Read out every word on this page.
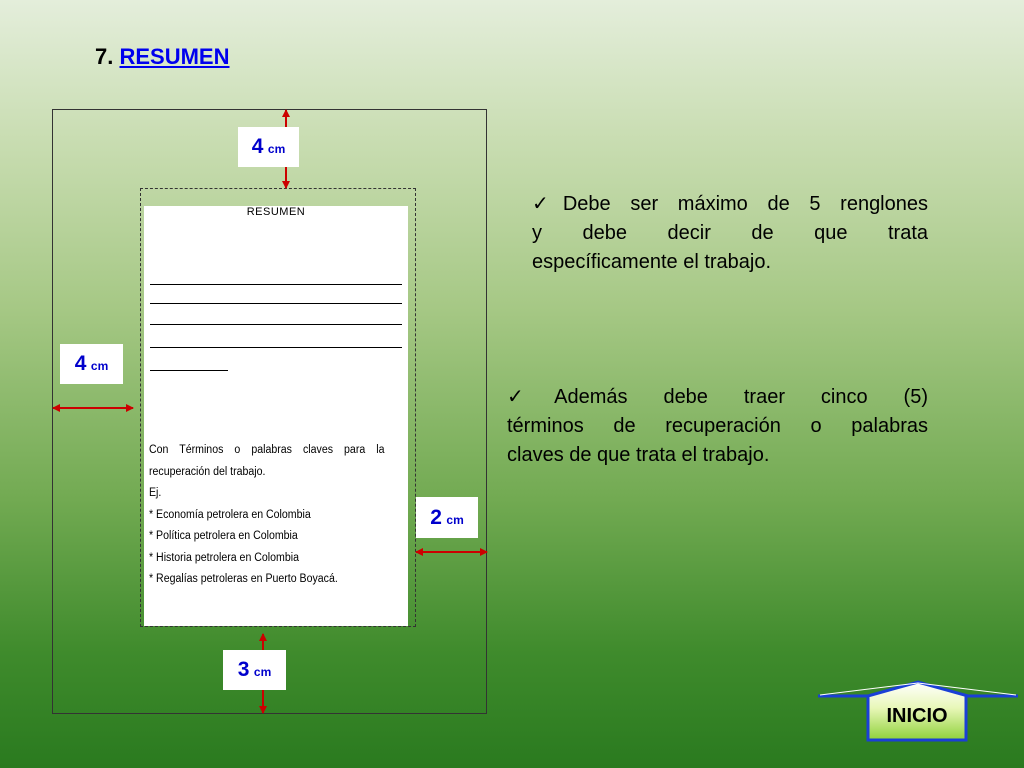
7. RESUMEN
RESUMEN
Con Términos o palabras claves para la
recuperación del trabajo.
Ej.
* Economía petrolera en Colombia
* Política petrolera en Colombia
* Historia petrolera en Colombia
* Regalías petroleras en Puerto Boyacá.
4 cm
4 cm
2 cm
3 cm
✓Debe ser máximo de 5 renglones
y debe decir de que trata
específicamente el trabajo.
✓Además debe traer cinco (5)
términos de recuperación o palabras
claves de que trata el trabajo.
INICIO
